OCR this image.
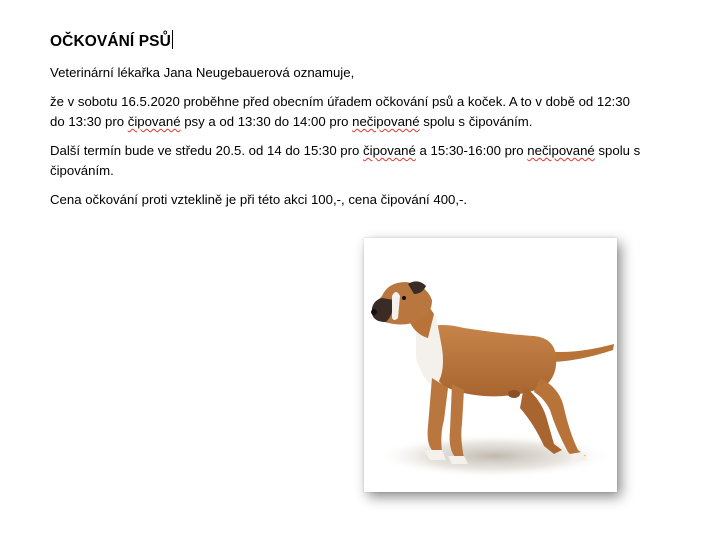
OČKOVÁNÍ PSŮ

Veterinární lékařka Jana Neugebauerová oznamuje,

že v sobotu 16.5.2020 proběhne před obecním úřadem očkování psů a koček. A to v době od 12:30 do 13:30 pro čipované psy a od 13:30 do 14:00 pro nečipované spolu s čipováním.

Další termín bude ve středu 20.5. od 14 do 15:30 pro čipované a 15:30-16:00 pro nečipované spolu s čipováním.

Cena očkování proti vzteklině je při této akci 100,-, cena čipování 400,-.
